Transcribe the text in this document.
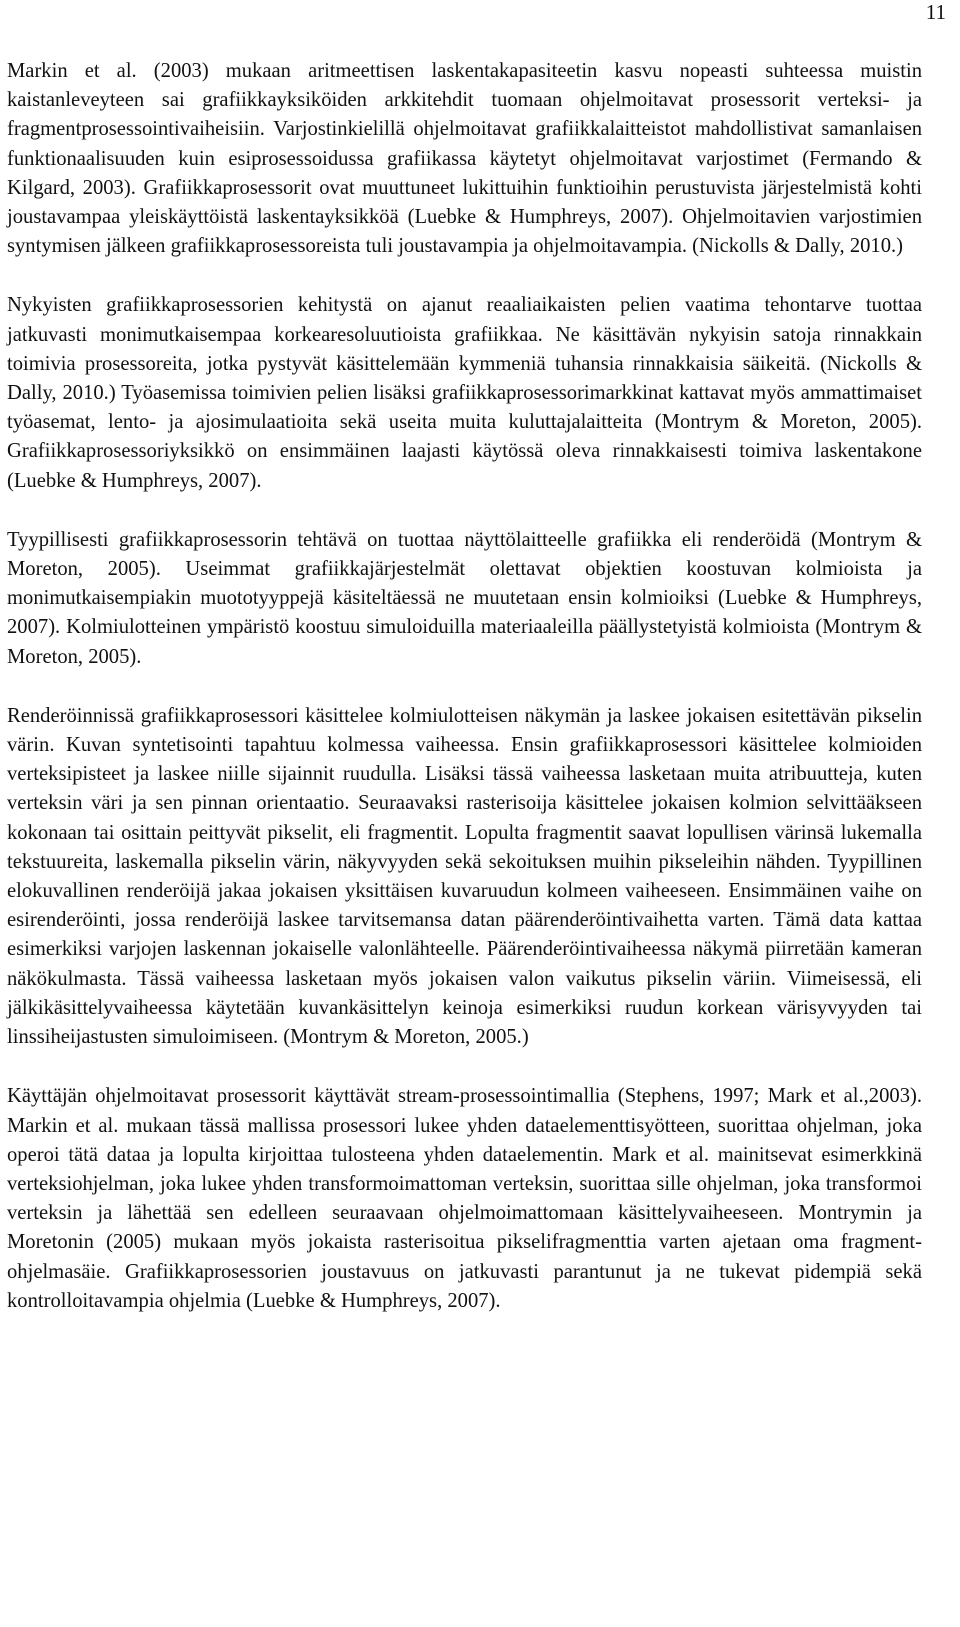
11

Markin et al. (2003) mukaan aritmeettisen laskentakapasiteetin kasvu nopeasti suhteessa muistin kaistanleveyteen sai grafiikkayksiköiden arkkitehdit tuomaan ohjelmoitavat prosessorit verteksi- ja fragmentprosessointivaiheisiin. Varjostinkielillä ohjelmoitavat grafiikkalaitteistot mahdollistivat samanlaisen funktionaalisuuden kuin esiprosessoidussa grafiikassa käytetyt ohjelmoitavat varjostimet (Fermando & Kilgard, 2003). Grafiikkaprosessorit ovat muuttuneet lukittuihin funktioihin perustuvista järjestelmistä kohti joustavampaa yleiskäyttöistä laskentayksikköä (Luebke & Humphreys, 2007). Ohjelmoitavien varjostimien syntymisen jälkeen grafiikkaprosessoreista tuli joustavampia ja ohjelmoitavampia. (Nickolls & Dally, 2010.)

Nykyisten grafiikkaprosessorien kehitystä on ajanut reaaliaikaisten pelien vaatima tehontarve tuottaa jatkuvasti monimutkaisempaa korkearesoluutioista grafiikkaa. Ne käsittävän nykyisin satoja rinnakkain toimivia prosessoreita, jotka pystyvät käsittelemään kymmeniä tuhansia rinnakkaisia säikeitä. (Nickolls & Dally, 2010.) Työasemissa toimivien pelien lisäksi grafiikkaprosessorimarkkinat kattavat myös ammattimaiset työasemat, lento- ja ajosimulaatioita sekä useita muita kuluttajalaitteita (Montrym & Moreton, 2005). Grafiikkaprosessoriyksikkö on ensimmäinen laajasti käytössä oleva rinnakkaisesti toimiva laskentakone (Luebke & Humphreys, 2007).

Tyypillisesti grafiikkaprosessorin tehtävä on tuottaa näyttölaitteelle grafiikka eli renderöidä (Montrym & Moreton, 2005). Useimmat grafiikkajärjestelmät olettavat objektien koostuvan kolmioista ja monimutkaisempiakin muototyyppejä käsiteltäessä ne muutetaan ensin kolmioiksi (Luebke & Humphreys, 2007). Kolmiulotteinen ympäristö koostuu simuloiduilla materiaaleilla päällystetyistä kolmioista (Montrym & Moreton, 2005).

Renderöinnissä grafiikkaprosessori käsittelee kolmiulotteisen näkymän ja laskee jokaisen esitettävän pikselin värin. Kuvan syntetisointi tapahtuu kolmessa vaiheessa. Ensin grafiikkaprosessori käsittelee kolmioiden verteksipisteet ja laskee niille sijainnit ruudulla. Lisäksi tässä vaiheessa lasketaan muita atribuutteja, kuten verteksin väri ja sen pinnan orientaatio. Seuraavaksi rasterisoija käsittelee jokaisen kolmion selvittääkseen kokonaan tai osittain peittyvät pikselit, eli fragmentit. Lopulta fragmentit saavat lopullisen värinsä lukemalla tekstuureita, laskemalla pikselin värin, näkyvyyden sekä sekoituksen muihin pikseleihin nähden. Tyypillinen elokuvallinen renderöijä jakaa jokaisen yksittäisen kuvaruudun kolmeen vaiheeseen. Ensimmäinen vaihe on esirenderöinti, jossa renderöijä laskee tarvitsemansa datan päärenderöintivaihetta varten. Tämä data kattaa esimerkiksi varjojen laskennan jokaiselle valonlähteelle. Päärenderöintivaiheessa näkymä piirretään kameran näkökulmasta. Tässä vaiheessa lasketaan myös jokaisen valon vaikutus pikselin väriin. Viimeisessä, eli jälkikäsittelyvaiheessa käytetään kuvankäsittelyn keinoja esimerkiksi ruudun korkean värisyvyyden tai linssiheijastusten simuloimiseen. (Montrym & Moreton, 2005.)

Käyttäjän ohjelmoitavat prosessorit käyttävät stream-prosessointimallia (Stephens, 1997; Mark et al.,2003). Markin et al. mukaan tässä mallissa prosessori lukee yhden dataelementtisyötteen, suorittaa ohjelman, joka operoi tätä dataa ja lopulta kirjoittaa tulosteena yhden dataelementin. Mark et al. mainitsevat esimerkkinä verteksiohjelman, joka lukee yhden transformoimattoman verteksin, suorittaa sille ohjelman, joka transformoi verteksin ja lähettää sen edelleen seuraavaan ohjelmoimattomaan käsittelyvaiheeseen. Montrymin ja Moretonin (2005) mukaan myös jokaista rasterisoitua pikselifragmenttia varten ajetaan oma fragment-ohjelmasäie. Grafiikkaprosessorien joustavuus on jatkuvasti parantunut ja ne tukevat pidempiä sekä kontrolloitavampia ohjelmia (Luebke & Humphreys, 2007).
